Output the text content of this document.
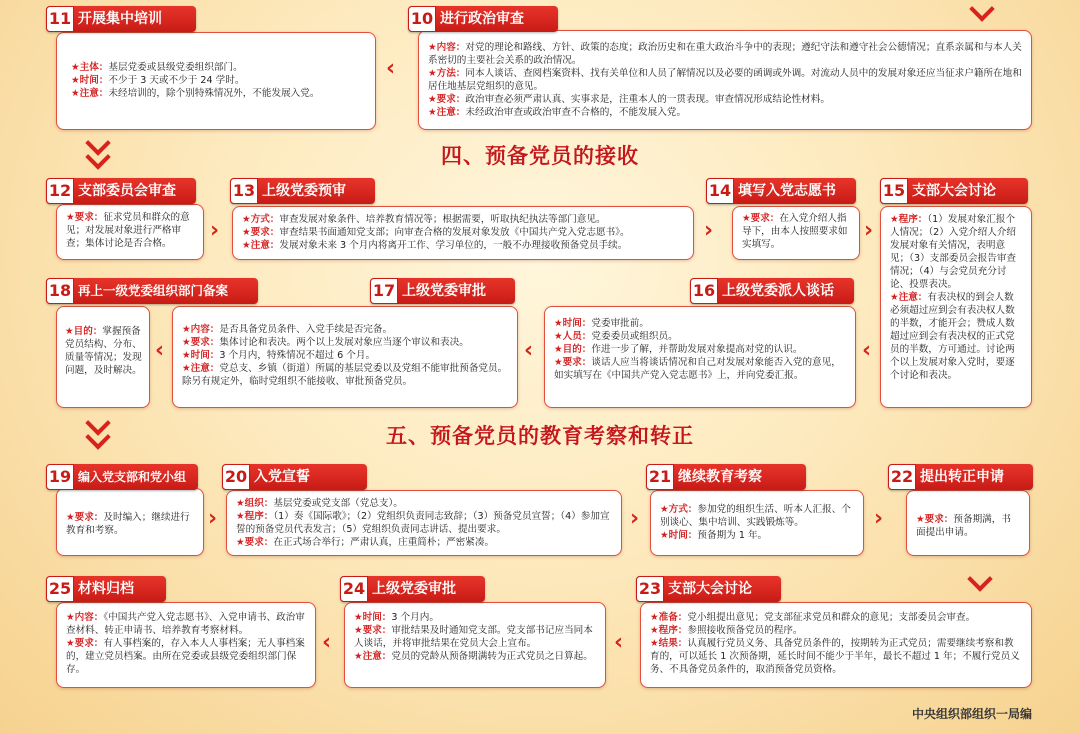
★主体：基层党委或县级党委组织部门。
★时间：不少于 3 天或不少于 24 学时。
★注意：未经培训的，除个别特殊情况外，不能发展入党。
11 开展集中培训
★内容：对党的理论和路线、方针、政策的态度；政治历史和在重大政治斗争中的表现；遵纪守法和遵守社会公德情况；直系亲属和与本人关系密切的主要社会关系的政治情况。
★方法：同本人谈话、查阅档案资料、找有关单位和人员了解情况以及必要的函调或外调。对流动人员中的发展对象还应当征求户籍所在地和居住地基层党组织的意见。
★要求：政治审查必须严肃认真、实事求是，注重本人的一贯表现。审查情况形成结论性材料。
★注意：未经政治审查或政治审查不合格的，不能发展入党。
10 进行政治审查
‹
四、预备党员的接收
★要求：征求党员和群众的意见；对发展对象进行严格审查；集体讨论是否合格。
12 支部委员会审查
★方式：审查发展对象条件、培养教育情况等；根据需要，听取执纪执法等部门意见。
★要求：审查结果书面通知党支部；向审查合格的发展对象发放《中国共产党入党志愿书》。
★注意：发展对象未来 3 个月内将离开工作、学习单位的，一般不办理接收预备党员手续。
13 上级党委预审
★要求：在入党介绍人指导下，由本人按照要求如实填写。
14 填写入党志愿书
★程序：（1）发展对象汇报个人情况；（2）入党介绍人介绍发展对象有关情况，表明意见；（3）支部委员会报告审查情况；（4）与会党员充分讨论、投票表决。
★注意：有表决权的到会人数必须超过应到会有表决权人数的半数，才能开会；赞成人数超过应到会有表决权的正式党员的半数，方可通过。讨论两个以上发展对象入党时，要逐个讨论和表决。
15 支部大会讨论
›	›	›
★目的：掌握预备党员结构、分布、质量等情况；发现问题，及时解决。
18 再上一级党委组织部门备案
★内容：是否具备党员条件、入党手续是否完备。
★要求：集体讨论和表决。两个以上发展对象应当逐个审议和表决。
★时间：3 个月内，特殊情况不超过 6 个月。
★注意：党总支、乡镇（街道）所属的基层党委以及党组不能审批预备党员。除另有规定外，临时党组织不能接收、审批预备党员。
17 上级党委审批
★时间：党委审批前。
★人员：党委委员或组织员。
★目的：作进一步了解，并帮助发展对象提高对党的认识。
★要求：谈话人应当将谈话情况和自己对发展对象能否入党的意见，如实填写在《中国共产党入党志愿书》上，并向党委汇报。
16 上级党委派人谈话
‹	‹	‹
五、预备党员的教育考察和转正
★要求：及时编入；继续进行教育和考察。
19 编入党支部和党小组
★组织：基层党委或党支部（党总支）。
★程序：（1）奏《国际歌》；（2）党组织负责同志致辞；（3）预备党员宣誓；（4）参加宣誓的预备党员代表发言；（5）党组织负责同志讲话、提出要求。
★要求：在正式场合举行；严肃认真，庄重简朴；严密紧凑。
20 入党宣誓
★方式：参加党的组织生活、听本人汇报、个别谈心、集中培训、实践锻炼等。
★时间：预备期为 1 年。
21 继续教育考察
★要求：预备期满，书面提出申请。
22 提出转正申请
›	›	›
★内容：《中国共产党入党志愿书》、入党申请书、政治审查材料、转正申请书、培养教育考察材料。
★要求：有人事档案的，存入本人人事档案；无人事档案的，建立党员档案。由所在党委或县级党委组织部门保存。
25 材料归档
★时间：3 个月内。
★要求：审批结果及时通知党支部。党支部书记应当同本人谈话，并将审批结果在党员大会上宣布。
★注意：党员的党龄从预备期满转为正式党员之日算起。
24 上级党委审批
★准备：党小组提出意见；党支部征求党员和群众的意见；支部委员会审查。
★程序：参照接收预备党员的程序。
★结果：认真履行党员义务、具备党员条件的，按期转为正式党员；需要继续考察和教育的，可以延长 1 次预备期，延长时间不能少于半年，最长不超过 1 年；不履行党员义务、不具备党员条件的，取消预备党员资格。
23 支部大会讨论
‹	‹
中央组织部组织一局编
